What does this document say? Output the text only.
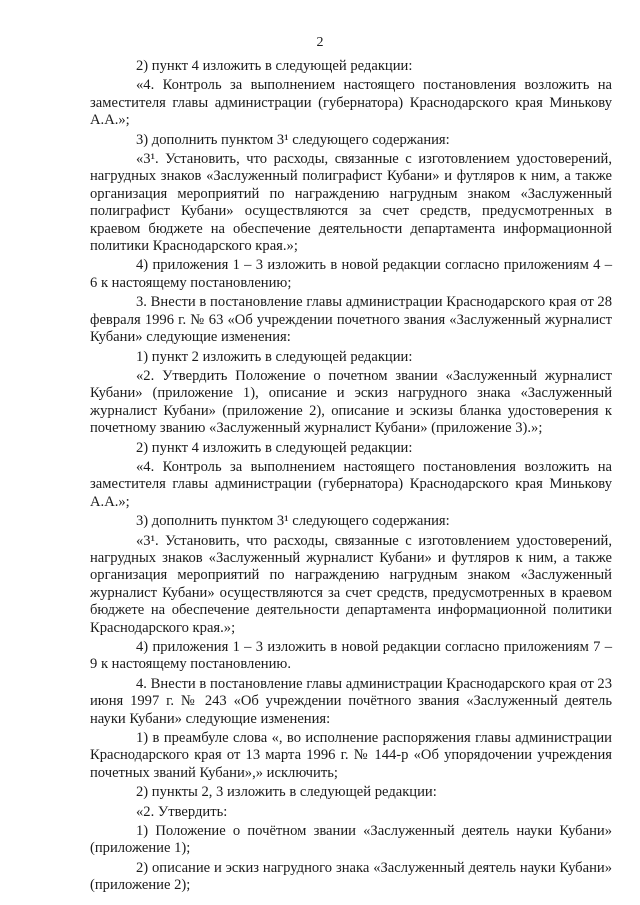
2

2) пункт 4 изложить в следующей редакции:

«4. Контроль за выполнением настоящего постановления возложить на заместителя главы администрации (губернатора) Краснодарского края Минькову А.А.»;

3) дополнить пунктом 3¹ следующего содержания:

«3¹. Установить, что расходы, связанные с изготовлением удостоверений, нагрудных знаков «Заслуженный полиграфист Кубани» и футляров к ним, а также организация мероприятий по награждению нагрудным знаком «Заслуженный полиграфист Кубани» осуществляются за счет средств, предусмотренных в краевом бюджете на обеспечение деятельности департамента информационной политики Краснодарского края.»;

4) приложения 1 – 3 изложить в новой редакции согласно приложениям 4 – 6 к настоящему постановлению;

3. Внести в постановление главы администрации Краснодарского края от 28 февраля 1996 г. № 63 «Об учреждении почетного звания «Заслуженный журналист Кубани» следующие изменения:

1) пункт 2 изложить в следующей редакции:

«2. Утвердить Положение о почетном звании «Заслуженный журналист Кубани» (приложение 1), описание и эскиз нагрудного знака «Заслуженный журналист Кубани» (приложение 2), описание и эскизы бланка удостоверения к почетному званию «Заслуженный журналист Кубани» (приложение 3).»;

2) пункт 4 изложить в следующей редакции:

«4. Контроль за выполнением настоящего постановления возложить на заместителя главы администрации (губернатора) Краснодарского края Минькову А.А.»;

3) дополнить пунктом 3¹ следующего содержания:

«3¹. Установить, что расходы, связанные с изготовлением удостоверений, нагрудных знаков «Заслуженный журналист Кубани» и футляров к ним, а также организация мероприятий по награждению нагрудным знаком «Заслуженный журналист Кубани» осуществляются за счет средств, предусмотренных в краевом бюджете на обеспечение деятельности департамента информационной политики Краснодарского края.»;

4) приложения 1 – 3 изложить в новой редакции согласно приложениям 7 – 9 к настоящему постановлению.

4. Внести в постановление главы администрации Краснодарского края от 23 июня 1997 г. № 243 «Об учреждении почётного звания «Заслуженный деятель науки Кубани» следующие изменения:

1) в преамбуле слова «, во исполнение распоряжения главы администрации Краснодарского края от 13 марта 1996 г. № 144-р «Об упорядочении учреждения почетных званий Кубани»,» исключить;

2) пункты 2, 3 изложить в следующей редакции:

«2. Утвердить:

1) Положение о почётном звании «Заслуженный деятель науки Кубани» (приложение 1);

2) описание и эскиз нагрудного знака «Заслуженный деятель науки Кубани» (приложение 2);
